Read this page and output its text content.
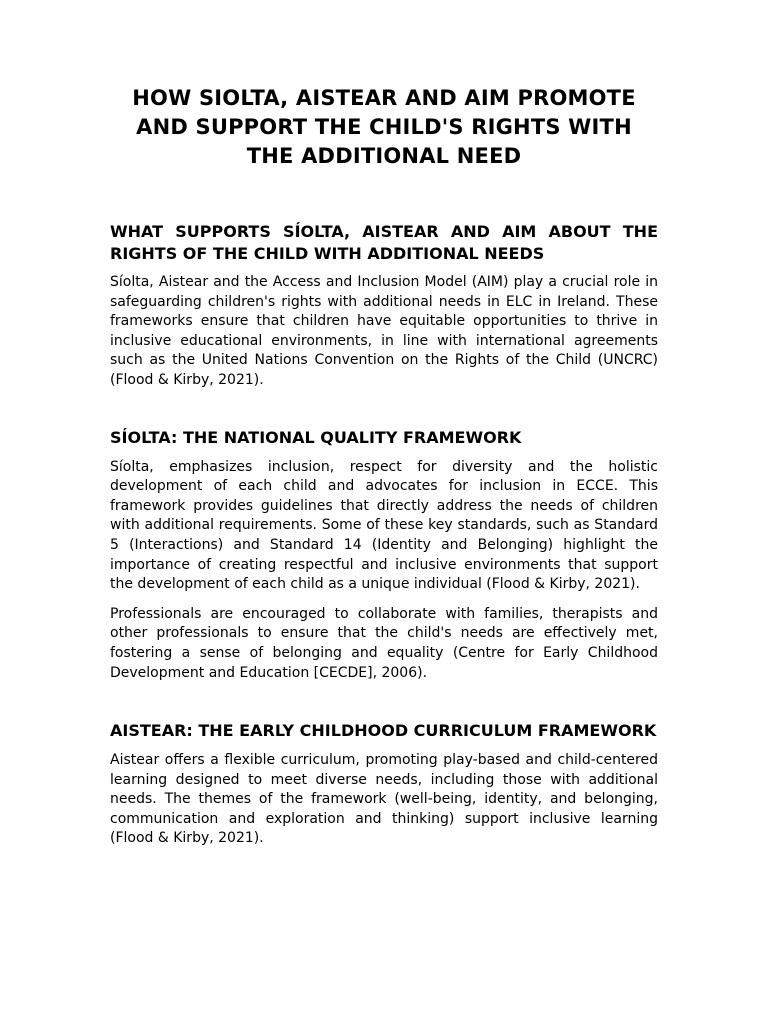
HOW SIOLTA, AISTEAR AND AIM PROMOTE AND SUPPORT THE CHILD'S RIGHTS WITH THE ADDITIONAL NEED
WHAT SUPPORTS SÍOLTA, AISTEAR AND AIM ABOUT THE RIGHTS OF THE CHILD WITH ADDITIONAL NEEDS

Síolta, Aistear and the Access and Inclusion Model (AIM) play a crucial role in safeguarding children's rights with additional needs in ELC in Ireland. These frameworks ensure that children have equitable opportunities to thrive in inclusive educational environments, in line with international agreements such as the United Nations Convention on the Rights of the Child (UNCRC) (Flood & Kirby, 2021).

SÍOLTA: THE NATIONAL QUALITY FRAMEWORK

Síolta, emphasizes inclusion, respect for diversity and the holistic development of each child and advocates for inclusion in ECCE. This framework provides guidelines that directly address the needs of children with additional requirements. Some of these key standards, such as Standard 5 (Interactions) and Standard 14 (Identity and Belonging) highlight the importance of creating respectful and inclusive environments that support the development of each child as a unique individual (Flood & Kirby, 2021).

Professionals are encouraged to collaborate with families, therapists and other professionals to ensure that the child's needs are effectively met, fostering a sense of belonging and equality (Centre for Early Childhood Development and Education [CECDE], 2006).

AISTEAR: THE EARLY CHILDHOOD CURRICULUM FRAMEWORK

Aistear offers a flexible curriculum, promoting play-based and child-centered learning designed to meet diverse needs, including those with additional needs. The themes of the framework (well-being, identity, and belonging, communication and exploration and thinking) support inclusive learning (Flood & Kirby, 2021).
